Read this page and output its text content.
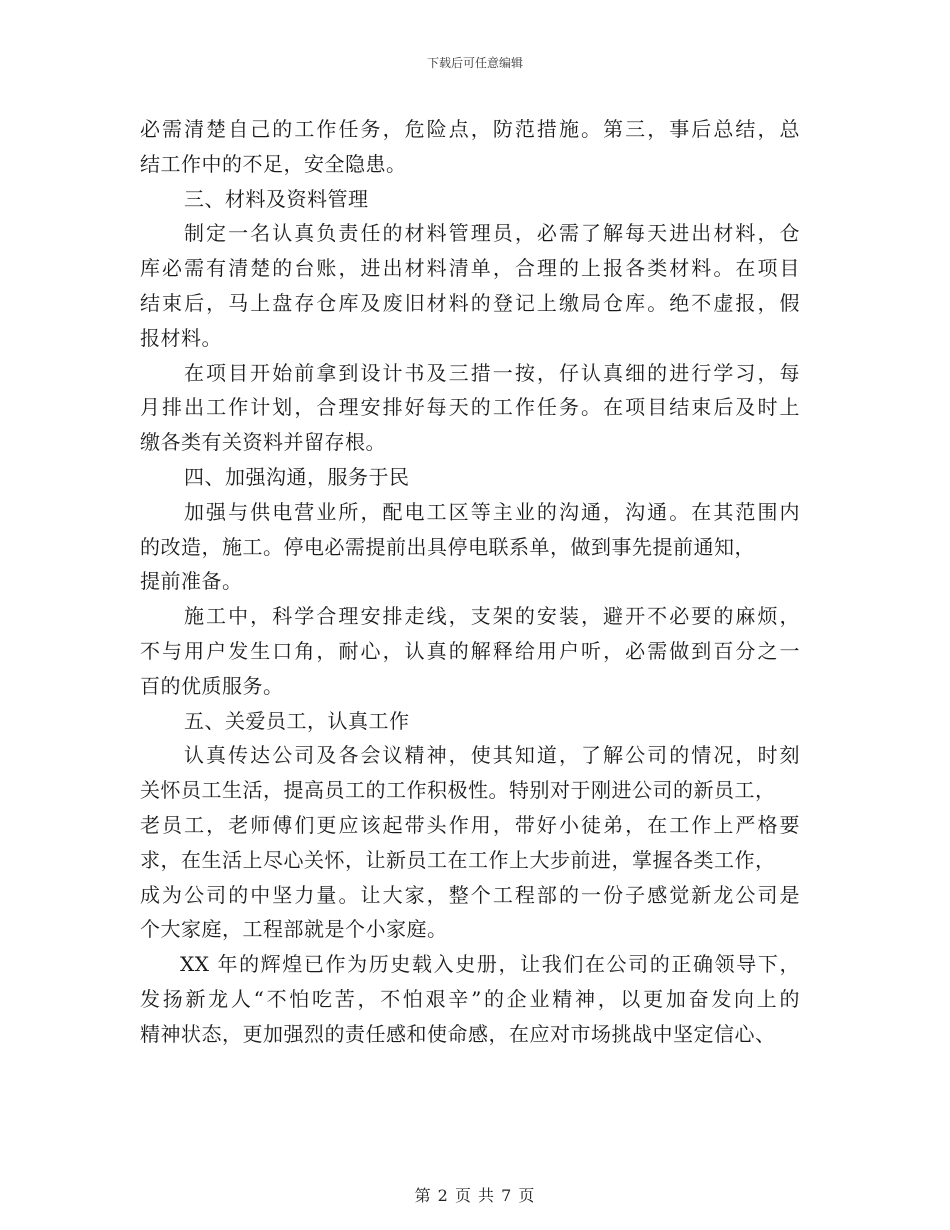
下载后可任意编辑
必需清楚自己的工作任务，危险点，防范措施。第三，事后总结，总
结工作中的不足，安全隐患。
三、材料及资料管理
制定一名认真负责任的材料管理员，必需了解每天进出材料，仓
库必需有清楚的台账，进出材料清单，合理的上报各类材料。在项目
结束后，马上盘存仓库及废旧材料的登记上缴局仓库。绝不虚报，假
报材料。
在项目开始前拿到设计书及三措一按，仔认真细的进行学习，每
月排出工作计划，合理安排好每天的工作任务。在项目结束后及时上
缴各类有关资料并留存根。
四、加强沟通，服务于民
加强与供电营业所，配电工区等主业的沟通，沟通。在其范围内
的改造，施工。停电必需提前出具停电联系单，做到事先提前通知，
提前准备。
施工中，科学合理安排走线，支架的安装，避开不必要的麻烦，
不与用户发生口角，耐心，认真的解释给用户听，必需做到百分之一
百的优质服务。
五、关爱员工，认真工作
认真传达公司及各会议精神，使其知道，了解公司的情况，时刻
关怀员工生活，提高员工的工作积极性。特别对于刚进公司的新员工，
老员工，老师傅们更应该起带头作用，带好小徒弟，在工作上严格要
求，在生活上尽心关怀，让新员工在工作上大步前进，掌握各类工作，
成为公司的中坚力量。让大家，整个工程部的一份子感觉新龙公司是
个大家庭，工程部就是个小家庭。
XX 年的辉煌已作为历史载入史册，让我们在公司的正确领导下，
发扬新龙人“不怕吃苦，不怕艰辛”的企业精神，以更加奋发向上的
精神状态，更加强烈的责任感和使命感，在应对市场挑战中坚定信心、
第 2 页 共 7 页
